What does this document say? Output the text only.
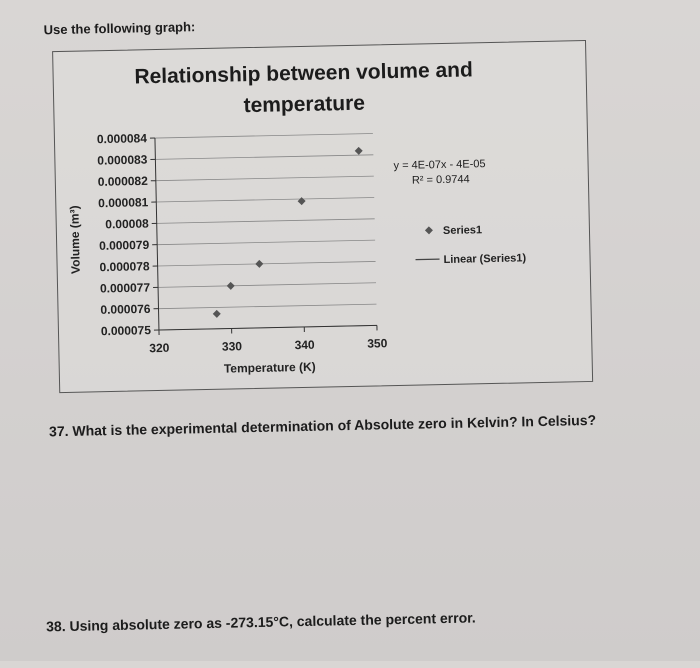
Use the following graph:
Relationship between volume and temperature
0.000084
0.000083
0.000082
0.000081
0.00008
0.000079
0.000078
0.000077
0.000076
0.000075
320	330	340	350
Volume (m³)
Temperature (K)
y = 4E-07x - 4E-05
R² = 0.9744
Series1
Linear (Series1)
37. What is the experimental determination of Absolute zero in Kelvin? In Celsius?
38. Using absolute zero as -273.15°C, calculate the percent error.
